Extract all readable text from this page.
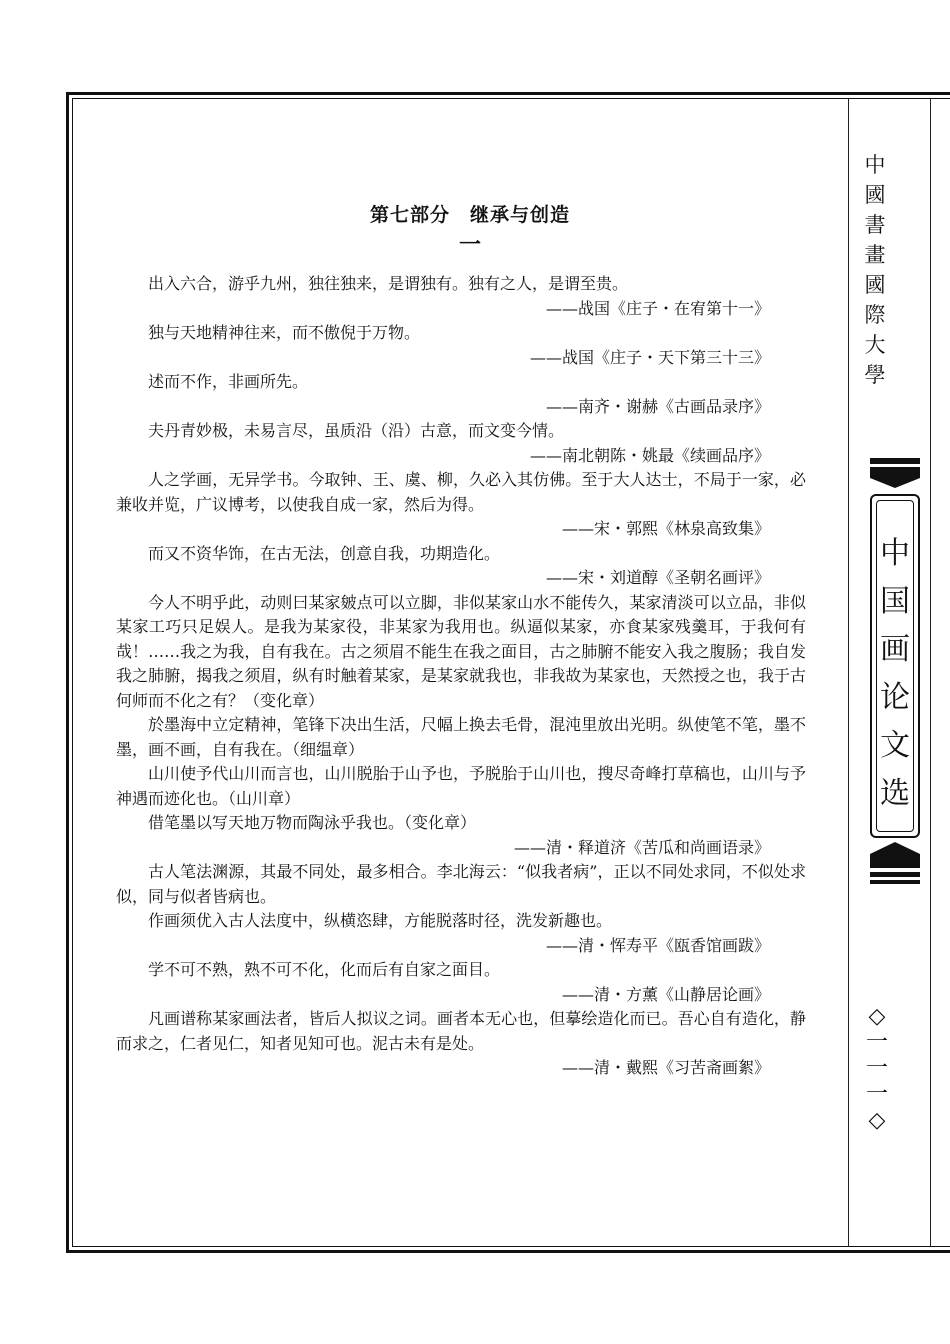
中
國
書
畫
國
際
大
學
中
国
画
论
文
选
◇
一
一
一
◇
第七部分　继承与创造
一

出入六合，游乎九州，独往独来，是谓独有。独有之人，是谓至贵。

——战国《庄子・在宥第十一》

独与天地精神往来，而不傲倪于万物。

——战国《庄子・天下第三十三》

述而不作，非画所先。

——南齐・谢赫《古画品录序》

夫丹青妙极，未易言尽，虽质沿（沿）古意，而文变今情。

——南北朝陈・姚最《续画品序》

人之学画，无异学书。今取钟、王、虞、柳，久必入其仿佛。至于大人达士，不局于一家，必兼收并览，广议博考，以使我自成一家，然后为得。

——宋・郭熙《林泉高致集》

而又不资华饰，在古无法，创意自我，功期造化。

——宋・刘道醇《圣朝名画评》

今人不明乎此，动则曰某家皴点可以立脚，非似某家山水不能传久，某家清淡可以立品，非似某家工巧只足娱人。是我为某家役，非某家为我用也。纵逼似某家，亦食某家残羹耳，于我何有哉！……我之为我，自有我在。古之须眉不能生在我之面目，古之肺腑不能安入我之腹肠；我自发我之肺腑，揭我之须眉，纵有时触着某家，是某家就我也，非我故为某家也，天然授之也，我于古何师而不化之有？（变化章）

於墨海中立定精神，笔锋下决出生活，尺幅上换去毛骨，混沌里放出光明。纵使笔不笔，墨不墨，画不画，自有我在。（细缊章）

山川使予代山川而言也，山川脱胎于山予也，予脱胎于山川也，搜尽奇峰打草稿也，山川与予神遇而迹化也。（山川章）

借笔墨以写天地万物而陶泳乎我也。（变化章）

——清・释道济《苦瓜和尚画语录》

古人笔法渊源，其最不同处，最多相合。李北海云：“似我者病”，正以不同处求同，不似处求似，同与似者皆病也。

作画须优入古人法度中，纵横恣肆，方能脱落时径，洗发新趣也。

——清・恽寿平《瓯香馆画跋》

学不可不熟，熟不可不化，化而后有自家之面目。

——清・方薰《山静居论画》

凡画谱称某家画法者，皆后人拟议之词。画者本无心也，但摹绘造化而已。吾心自有造化，静而求之，仁者见仁，知者见知可也。泥古未有是处。

——清・戴熙《习苦斋画絮》
